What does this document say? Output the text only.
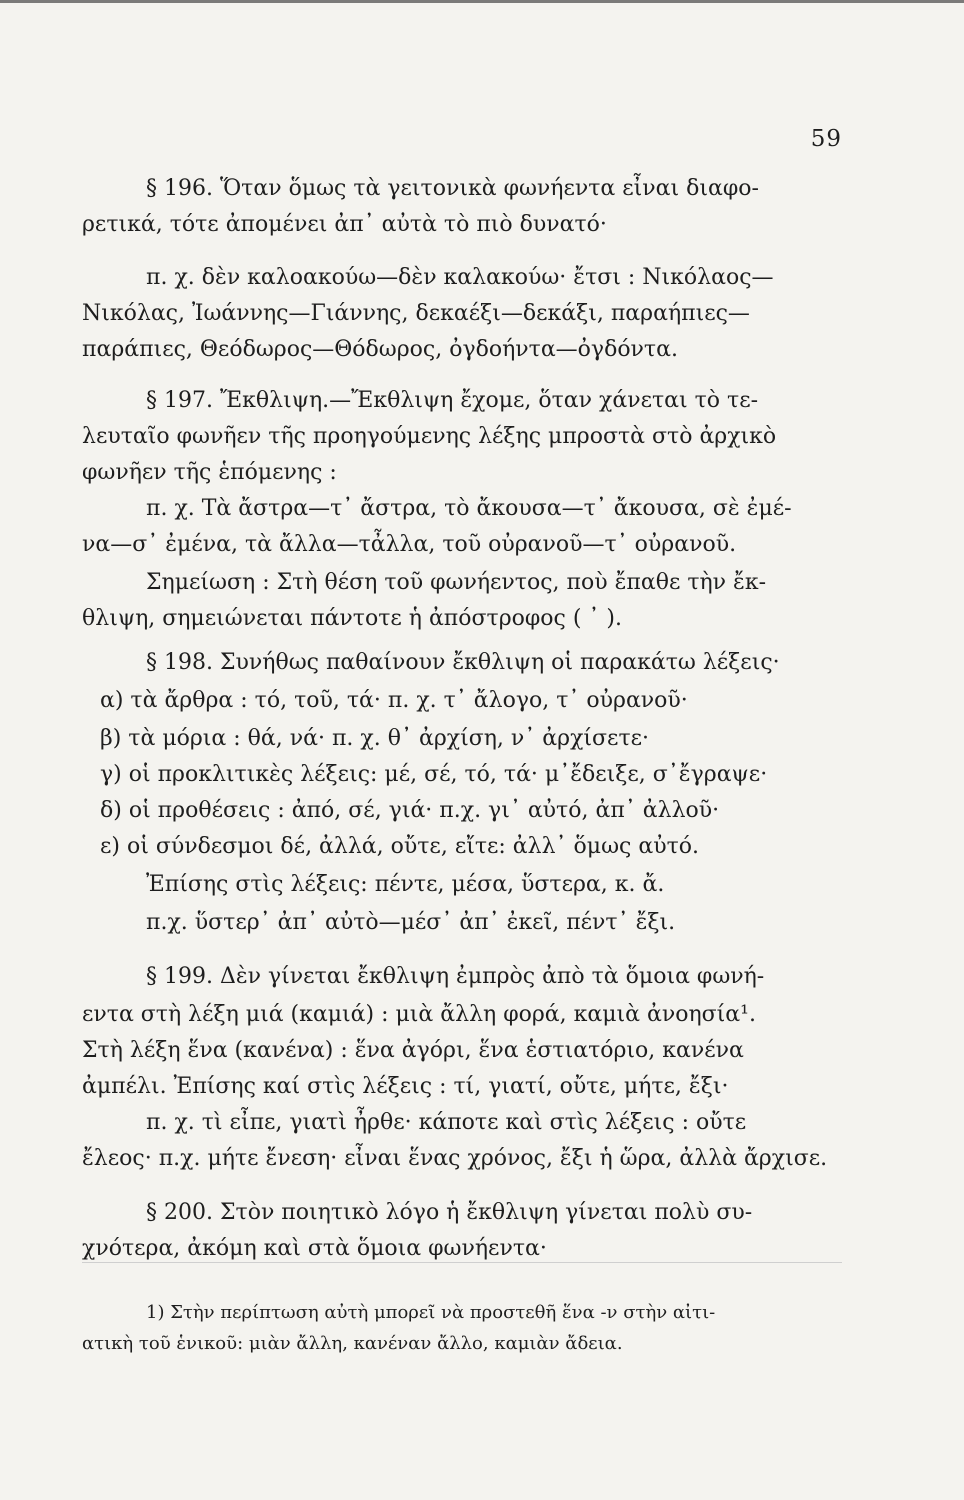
59
§ 196. Ὅταν ὅμως τὰ γειτονικὰ φωνήεντα εἶναι διαφο-
ρετικά, τότε ἀπομένει ἀπ᾽ αὐτὰ τὸ πιὸ δυνατό·
π. χ. δὲν καλοακούω—δὲν καλακούω· ἔτσι : Νικόλαος—
Νικόλας, Ἰωάννης—Γιάννης, δεκαέξι—δεκάξι, παραήπιες—
παράπιες, Θεόδωρος—Θόδωρος, ὀγδοήντα—ὀγδόντα.
§ 197. Ἔκθλιψη.—Ἔκθλιψη ἔχομε, ὅταν χάνεται τὸ τε-
λευταῖο φωνῆεν τῆς προηγούμενης λέξης μπροστὰ στὸ ἀρχικὸ
φωνῆεν τῆς ἑπόμενης :
π. χ. Τὰ ἄστρα—τ᾽ ἄστρα, τὸ ἄκουσα—τ᾽ ἄκουσα, σὲ ἐμέ-
να—σ᾽ ἐμένα, τὰ ἄλλα—τἆλλα, τοῦ οὐρανοῦ—τ᾽ οὐρανοῦ.
Σημείωση : Στὴ θέση τοῦ φωνήεντος, ποὺ ἔπαθε τὴν ἔκ-
θλιψη, σημειώνεται πάντοτε ἡ ἀπόστροφος ( ᾽ ).
§ 198. Συνήθως παθαίνουν ἔκθλιψη οἱ παρακάτω λέξεις·
α) τὰ ἄρθρα : τό, τοῦ, τά· π. χ. τ᾽ ἄλογο, τ᾽ οὐρανοῦ·
β) τὰ μόρια : θά, νά· π. χ. θ᾽ ἀρχίση, ν᾽ ἀρχίσετε·
γ) οἱ προκλιτικὲς λέξεις: μέ, σέ, τό, τά· μ᾽ἔδειξε, σ᾽ἔγραψε·
δ) οἱ προθέσεις : ἀπό, σέ, γιά· π.χ. γι᾽ αὐτό, ἀπ᾽ ἀλλοῦ·
ε) οἱ σύνδεσμοι δέ, ἀλλά, οὔτε, εἴτε: ἀλλ᾽ ὅμως αὐτό.
Ἐπίσης στὶς λέξεις: πέντε, μέσα, ὕστερα, κ. ἄ.
π.χ. ὕστερ᾽ ἀπ᾽ αὐτὸ—μέσ᾽ ἀπ᾽ ἐκεῖ, πέντ᾽ ἔξι.
§ 199. Δὲν γίνεται ἔκθλιψη ἐμπρὸς ἀπὸ τὰ ὅμοια φωνή-
εντα στὴ λέξη μιά (καμιά) : μιὰ ἄλλη φορά, καμιὰ ἀνοησία¹.
Στὴ λέξη ἕνα (κανένα) : ἕνα ἀγόρι, ἕνα ἑστιατόριο, κανένα
ἀμπέλι. Ἐπίσης καί στὶς λέξεις : τί, γιατί, οὔτε, μήτε, ἔξι·
π. χ. τὶ εἶπε, γιατὶ ἦρθε· κάποτε καὶ στὶς λέξεις : οὔτε
ἔλεος· π.χ. μήτε ἔνεση· εἶναι ἕνας χρόνος, ἔξι ἡ ὥρα, ἀλλὰ ἄρχισε.
§ 200. Στὸν ποιητικὸ λόγο ἡ ἔκθλιψη γίνεται πολὺ συ-
χνότερα, ἀκόμη καὶ στὰ ὅμοια φωνήεντα·
1) Στὴν περίπτωση αὐτὴ μπορεῖ νὰ προστεθῆ ἕνα -ν στὴν αἰτι-
ατικὴ τοῦ ἑνικοῦ: μιὰν ἄλλη, κανέναν ἄλλο, καμιὰν ἄδεια.
